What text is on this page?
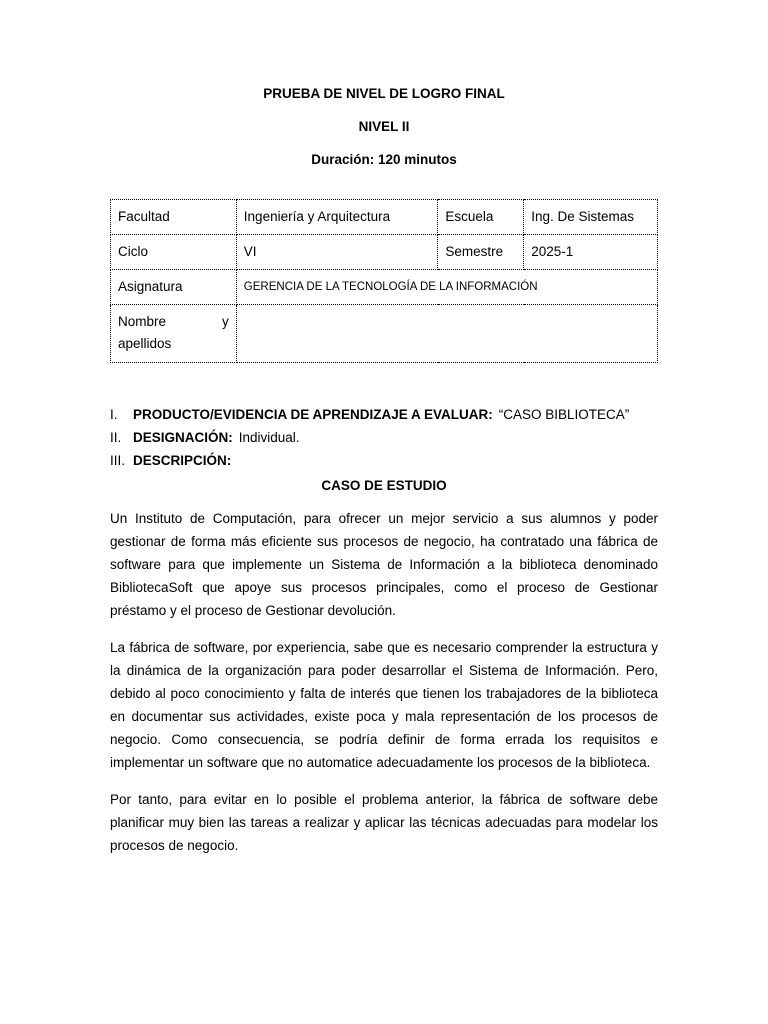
PRUEBA DE NIVEL DE LOGRO FINAL
NIVEL II
Duración: 120 minutos
Facultad	Ingeniería y Arquitectura	Escuela	Ing. De Sistemas
Ciclo	VI	Semestre	2025-1
Asignatura	GERENCIA DE LA TECNOLOGÍA DE LA INFORMACIÓN		

Nombre y
apellidos			

I.	PRODUCTO/EVIDENCIA DE APRENDIZAJE A EVALUAR: “CASO BIBLIOTECA”
II. DESIGNACIÓN: Individual.
III. DESCRIPCIÓN:
CASO DE ESTUDIO

Un Instituto de Computación, para ofrecer un mejor servicio a sus alumnos y poder gestionar de forma más eficiente sus procesos de negocio, ha contratado una fábrica de software para que implemente un Sistema de Información a la biblioteca denominado BibliotecaSoft que apoye sus procesos principales, como el proceso de Gestionar préstamo y el proceso de Gestionar devolución.

La fábrica de software, por experiencia, sabe que es necesario comprender la estructura y la dinámica de la organización para poder desarrollar el Sistema de Información. Pero, debido al poco conocimiento y falta de interés que tienen los trabajadores de la biblioteca en documentar sus actividades, existe poca y mala representación de los procesos de negocio. Como consecuencia, se podría definir de forma errada los requisitos e implementar un software que no automatice adecuadamente los procesos de la biblioteca.

Por tanto, para evitar en lo posible el problema anterior, la fábrica de software debe planificar muy bien las tareas a realizar y aplicar las técnicas adecuadas para modelar los procesos de negocio.
